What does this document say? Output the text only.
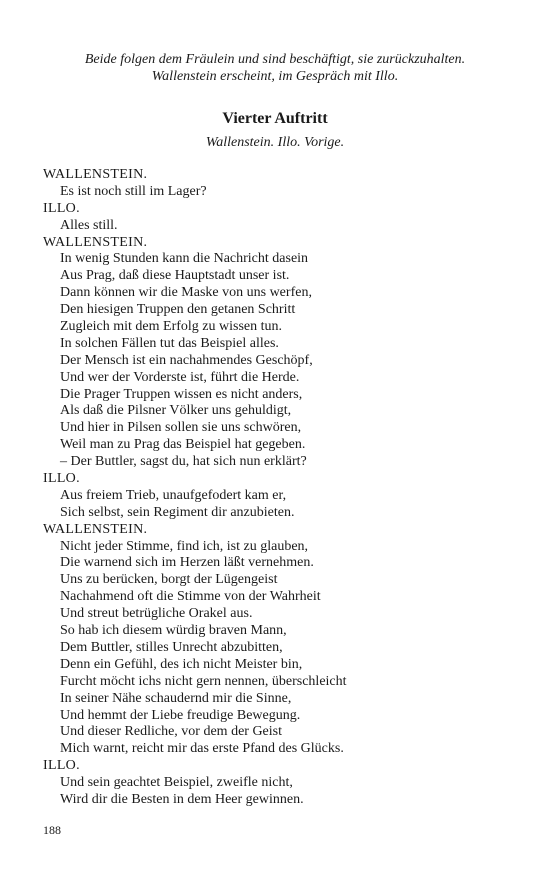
Beide folgen dem Fräulein und sind beschäftigt, sie zurückzuhalten.
Wallenstein erscheint, im Gespräch mit Illo.
Vierter Auftritt
Wallenstein. Illo. Vorige.
WALLENSTEIN.
Es ist noch still im Lager?
ILLO.
Alles still.
WALLENSTEIN.
In wenig Stunden kann die Nachricht dasein
Aus Prag, daß diese Hauptstadt unser ist.
Dann können wir die Maske von uns werfen,
Den hiesigen Truppen den getanen Schritt
Zugleich mit dem Erfolg zu wissen tun.
In solchen Fällen tut das Beispiel alles.
Der Mensch ist ein nachahmendes Geschöpf,
Und wer der Vorderste ist, führt die Herde.
Die Prager Truppen wissen es nicht anders,
Als daß die Pilsner Völker uns gehuldigt,
Und hier in Pilsen sollen sie uns schwören,
Weil man zu Prag das Beispiel hat gegeben.
– Der Buttler, sagst du, hat sich nun erklärt?
ILLO.
Aus freiem Trieb, unaufgefodert kam er,
Sich selbst, sein Regiment dir anzubieten.
WALLENSTEIN.
Nicht jeder Stimme, find ich, ist zu glauben,
Die warnend sich im Herzen läßt vernehmen.
Uns zu berücken, borgt der Lügengeist
Nachahmend oft die Stimme von der Wahrheit
Und streut betrügliche Orakel aus.
So hab ich diesem würdig braven Mann,
Dem Buttler, stilles Unrecht abzubitten,
Denn ein Gefühl, des ich nicht Meister bin,
Furcht möcht ichs nicht gern nennen, überschleicht
In seiner Nähe schaudernd mir die Sinne,
Und hemmt der Liebe freudige Bewegung.
Und dieser Redliche, vor dem der Geist
Mich warnt, reicht mir das erste Pfand des Glücks.
ILLO.
Und sein geachtet Beispiel, zweifle nicht,
Wird dir die Besten in dem Heer gewinnen.
188
